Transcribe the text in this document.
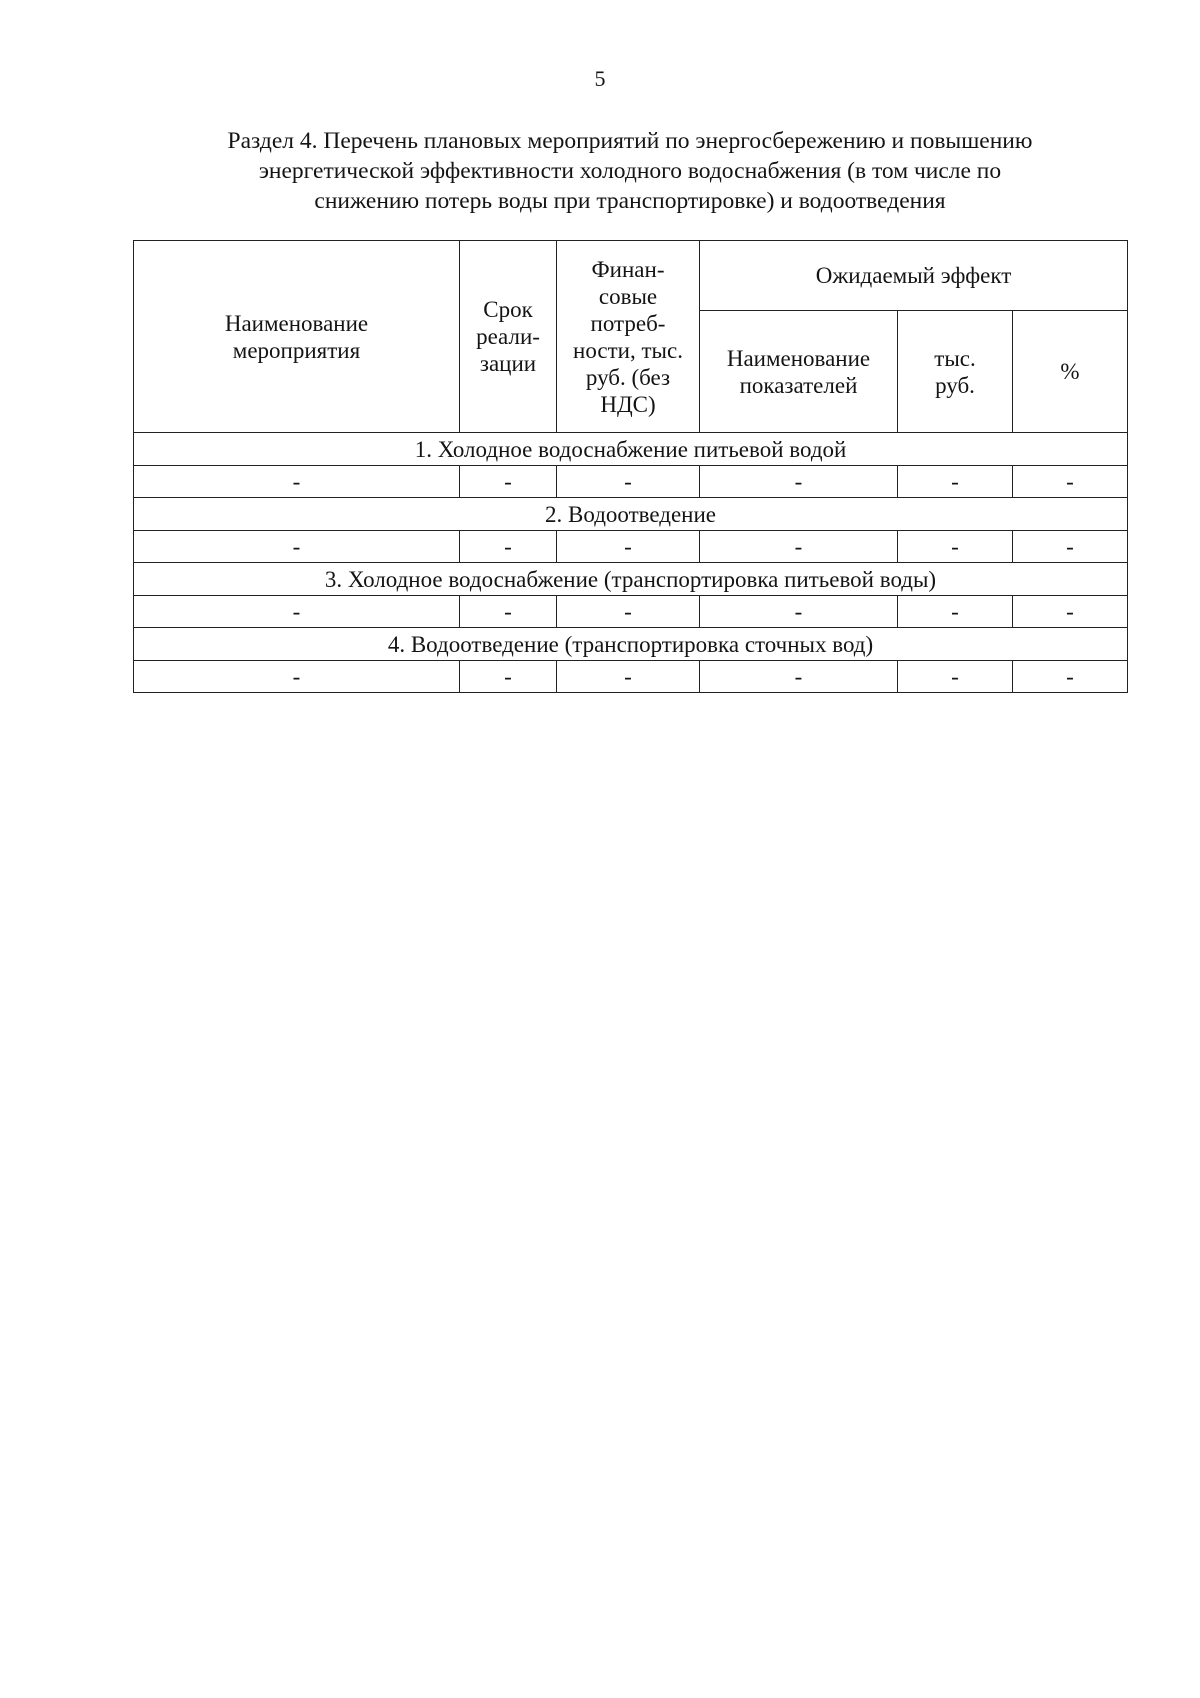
5
Раздел 4. Перечень плановых мероприятий по энергосбережению и повышению
энергетической эффективности холодного водоснабжения (в том числе по
снижению потерь воды при транспортировке) и водоотведения
Наименование мероприятия	Срок реали- зации	Финан- совые потреб- ности, тыс. руб. (без НДС)	Ожидаемый эффект		
			Наименование показателей	тыс. руб.	%
1. Холодное водоснабжение питьевой водой					
-	-	-	-	-	-
2. Водоотведение					
-	-	-	-	-	-
3. Холодное водоснабжение (транспортировка питьевой воды)					
-	-	-	-	-	-
4. Водоотведение (транспортировка сточных вод)					
-	-	-	-	-	-
